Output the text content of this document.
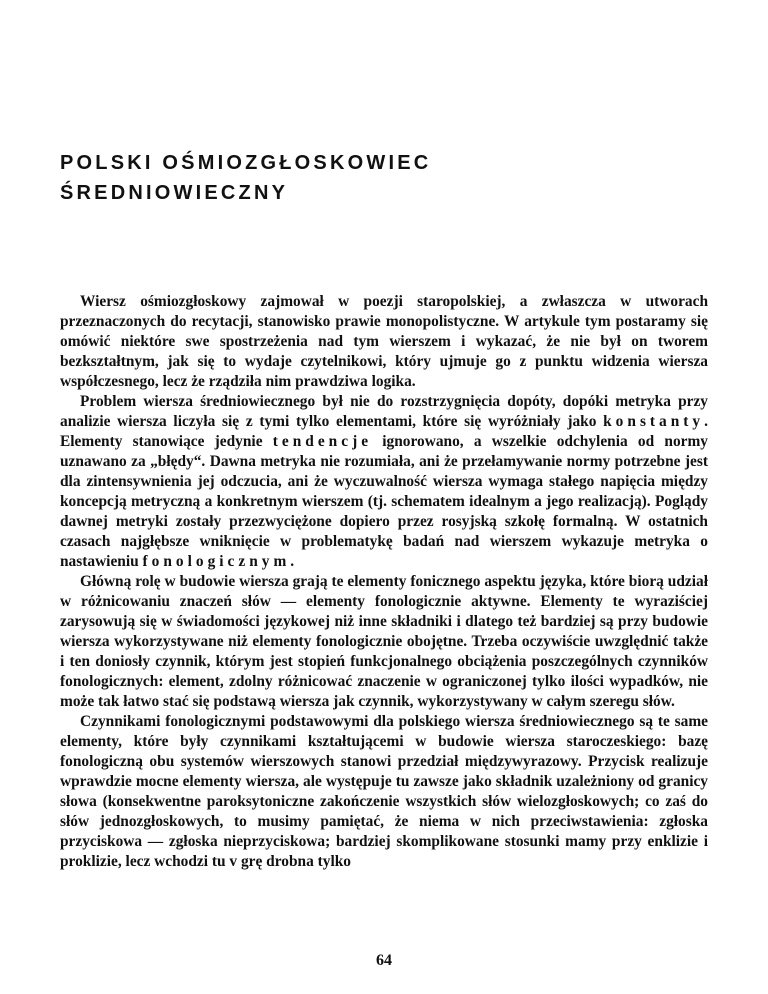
POLSKI OŚMIOZGŁOSKOWIEC
ŚREDNIOWIECZNY

Wiersz ośmiozgłoskowy zajmował w poezji staropolskiej, a zwłaszcza w utworach przeznaczonych do recytacji, stanowisko prawie monopolistyczne. W artykule tym postaramy się omówić niektóre swe spostrzeżenia nad tym wierszem i wykazać, że nie był on tworem bezkształtnym, jak się to wydaje czytelnikowi, który ujmuje go z punktu widzenia wiersza współczesnego, lecz że rządziła nim prawdziwa logika.

Problem wiersza średniowiecznego był nie do rozstrzygnięcia dopóty, dopóki metryka przy analizie wiersza liczyła się z tymi tylko elementami, które się wyróżniały jako konstanty. Elementy stanowiące jedynie tendencje ignorowano, a wszelkie odchylenia od normy uznawano za „błędy“. Dawna metryka nie rozumiała, ani że przełamywanie normy potrzebne jest dla zintensywnienia jej odczucia, ani że wyczuwalność wiersza wymaga stałego napięcia między koncepcją metryczną a konkretnym wierszem (tj. schematem idealnym a jego realizacją). Poglądy dawnej metryki zostały przezwyciężone dopiero przez rosyjską szkołę formalną. W ostatnich czasach najgłębsze wniknięcie w problematykę badań nad wierszem wykazuje metryka o nastawieniu fonologicznym.

Główną rolę w budowie wiersza grają te elementy fonicznego aspektu języka, które biorą udział w różnicowaniu znaczeń słów — elementy fonologicznie aktywne. Elementy te wyraziściej zarysowują się w świadomości językowej niż inne składniki i dlatego też bardziej są przy budowie wiersza wykorzystywane niż elementy fonologicznie obojętne. Trzeba oczywiście uwzględnić także i ten doniosły czynnik, którym jest stopień funkcjonalnego obciążenia poszczególnych czynników fonologicznych: element, zdolny różnicować znaczenie w ograniczonej tylko ilości wypadków, nie może tak łatwo stać się podstawą wiersza jak czynnik, wykorzystywany w całym szeregu słów.

Czynnikami fonologicznymi podstawowymi dla polskiego wiersza średniowiecznego są te same elementy, które były czynnikami kształtującemi w budowie wiersza staroczeskiego: bazę fonologiczną obu systemów wierszowych stanowi przedział międzywyrazowy. Przycisk realizuje wprawdzie mocne elementy wiersza, ale występuje tu zawsze jako składnik uzależniony od granicy słowa (konsekwentne paroksytoniczne zakończenie wszystkich słów wielozgłoskowych; co zaś do słów jednozgłoskowych, to musimy pamiętać, że niema w nich przeciwstawienia: zgłoska przyciskowa — zgłoska nieprzyciskowa; bardziej skomplikowane stosunki mamy przy enklizie i proklizie, lecz wchodzi tu v grę drobna tylko

64
